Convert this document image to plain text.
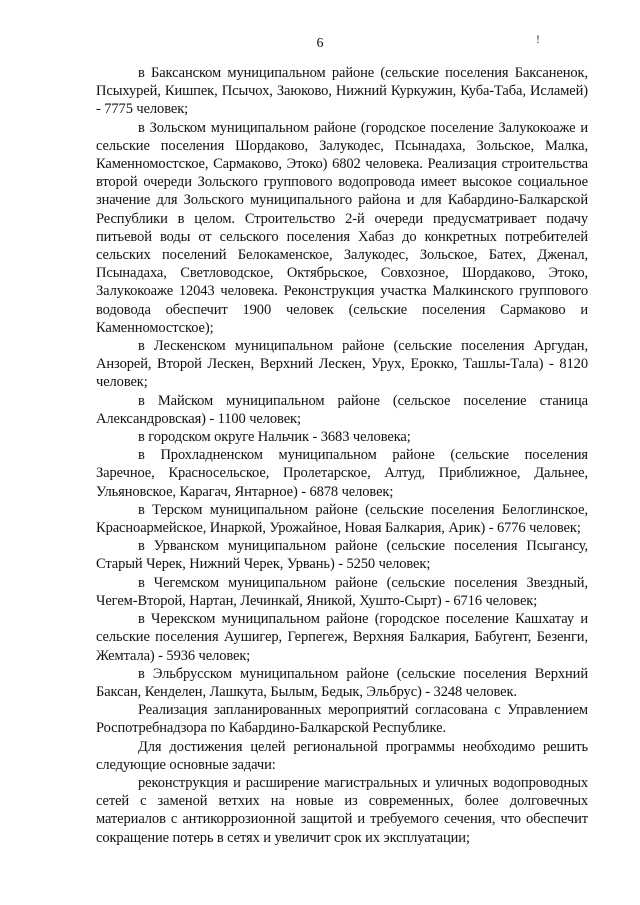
6	!

в Баксанском муниципальном районе (сельские поселения Баксаненок, Псыхурей, Кишпек, Псычох, Заюково, Нижний Куркужин, Куба-Таба, Исламей) - 7775 человек;

в Зольском муниципальном районе (городское поселение Залукокоаже и сельские поселения Шордаково, Залукодес, Псынадаха, Зольское, Малка, Каменномостское, Сармаково, Этоко) 6802 человека. Реализация строительства второй очереди Зольского группового водопровода имеет высокое социальное значение для Зольского муниципального района и для Кабардино-Балкарской Республики в целом. Строительство 2-й очереди предусматривает подачу питьевой воды от сельского поселения Хабаз до конкретных потребителей сельских поселений Белокаменское, Залукодес, Зольское, Батех, Дженал, Псынадаха, Светловодское, Октябрьское, Совхозное, Шордаково, Этоко, Залукокоаже 12043 человека. Реконструкция участка Малкинского группового водовода обеспечит 1900 человек (сельские поселения Сармаково и Каменномостское);

в Лескенском муниципальном районе (сельские поселения Аргудан, Анзорей, Второй Лескен, Верхний Лескен, Урух, Ерокко, Ташлы-Тала) - 8120 человек;

в Майском муниципальном районе (сельское поселение станица Александровская) - 1100 человек;

в городском округе Нальчик - 3683 человека;

в Прохладненском муниципальном районе (сельские поселения Заречное, Красносельское, Пролетарское, Алтуд, Приближное, Дальнее, Ульяновское, Карагач, Янтарное) - 6878 человек;

в Терском муниципальном районе (сельские поселения Белоглинское, Красноармейское, Инаркой, Урожайное, Новая Балкария, Арик) - 6776 человек;

в Урванском муниципальном районе (сельские поселения Псыгансу, Старый Черек, Нижний Черек, Урвань) - 5250 человек;

в Чегемском муниципальном районе (сельские поселения Звездный, Чегем-Второй, Нартан, Лечинкай, Яникой, Хушто-Сырт) - 6716 человек;

в Черекском муниципальном районе (городское поселение Кашхатау и сельские поселения Аушигер, Герпегеж, Верхняя Балкария, Бабугент, Безенги, Жемтала) - 5936 человек;

в Эльбрусском муниципальном районе (сельские поселения Верхний Баксан, Кенделен, Лашкута, Былым, Бедык, Эльбрус) - 3248 человек.

Реализация запланированных мероприятий согласована с Управлением Роспотребнадзора по Кабардино-Балкарской Республике.

Для достижения целей региональной программы необходимо решить следующие основные задачи:

реконструкция и расширение магистральных и уличных водопроводных сетей с заменой ветхих на новые из современных, более долговечных материалов с антикоррозионной защитой и требуемого сечения, что обеспечит сокращение потерь в сетях и увеличит срок их эксплуатации;
